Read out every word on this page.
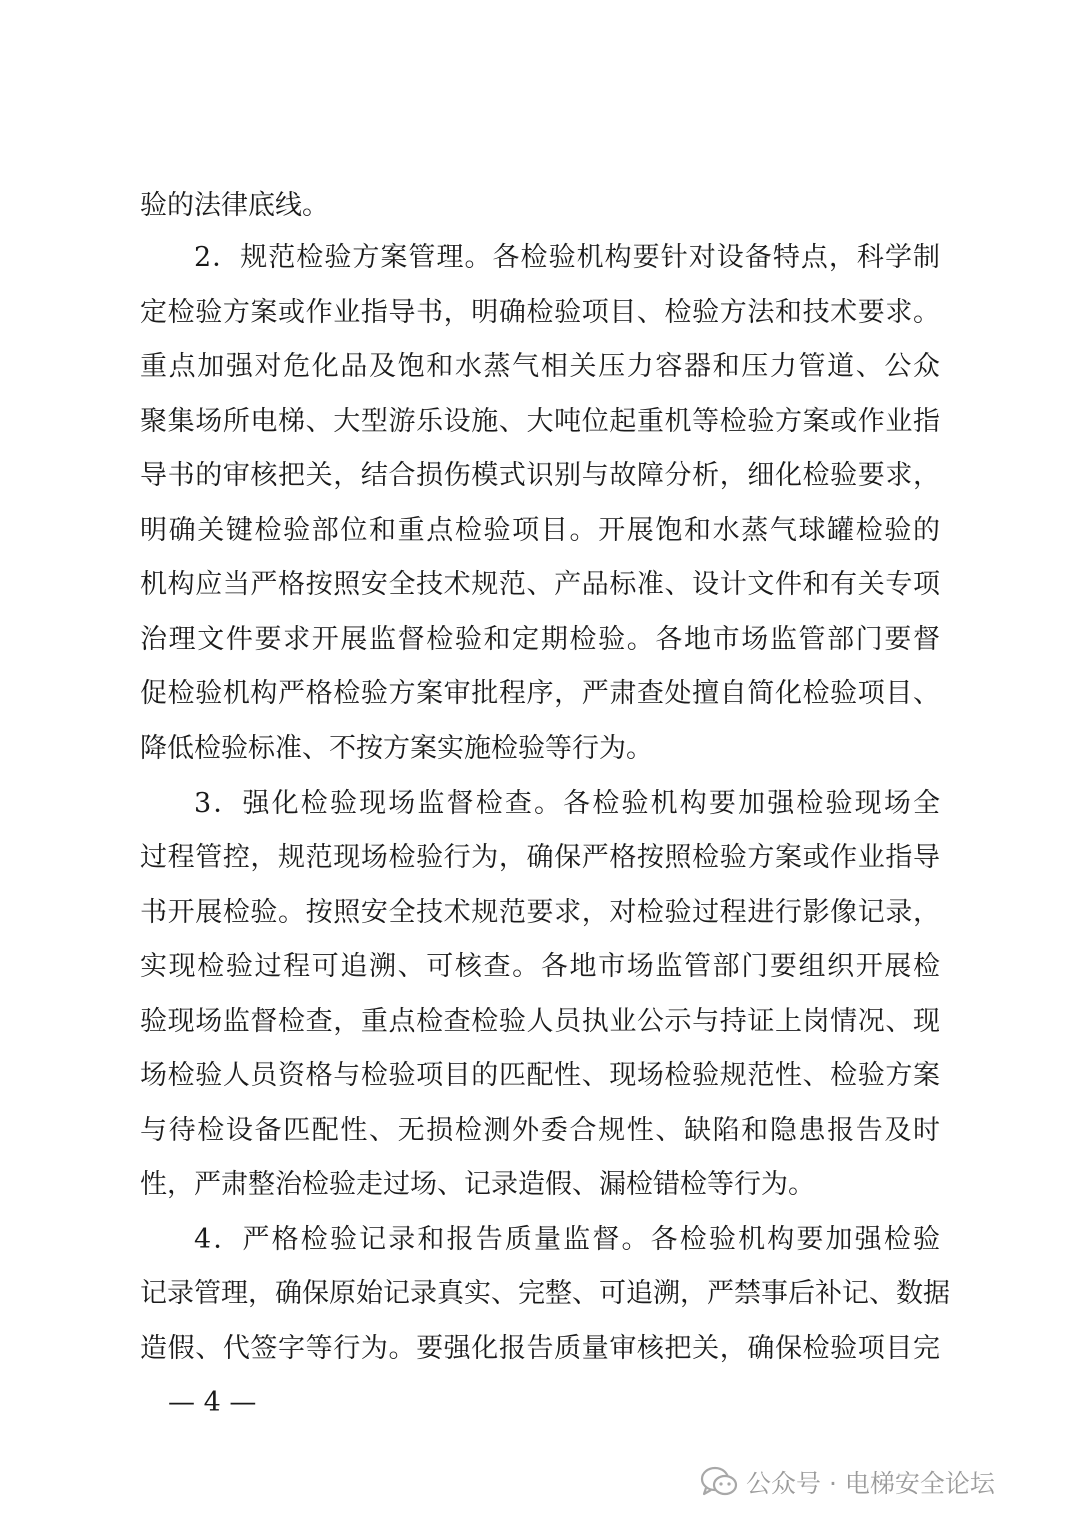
验的法律底线。
2．规范检验方案管理。各检验机构要针对设备特点，科学制
定检验方案或作业指导书，明确检验项目、检验方法和技术要求。
重点加强对危化品及饱和水蒸气相关压力容器和压力管道、公众
聚集场所电梯、大型游乐设施、大吨位起重机等检验方案或作业指
导书的审核把关，结合损伤模式识别与故障分析，细化检验要求，
明确关键检验部位和重点检验项目。开展饱和水蒸气球罐检验的
机构应当严格按照安全技术规范、产品标准、设计文件和有关专项
治理文件要求开展监督检验和定期检验。各地市场监管部门要督
促检验机构严格检验方案审批程序，严肃查处擅自简化检验项目、
降低检验标准、不按方案实施检验等行为。
3．强化检验现场监督检查。各检验机构要加强检验现场全
过程管控，规范现场检验行为，确保严格按照检验方案或作业指导
书开展检验。按照安全技术规范要求，对检验过程进行影像记录，
实现检验过程可追溯、可核查。各地市场监管部门要组织开展检
验现场监督检查，重点检查检验人员执业公示与持证上岗情况、现
场检验人员资格与检验项目的匹配性、现场检验规范性、检验方案
与待检设备匹配性、无损检测外委合规性、缺陷和隐患报告及时
性，严肃整治检验走过场、记录造假、漏检错检等行为。
4．严格检验记录和报告质量监督。各检验机构要加强检验
记录管理，确保原始记录真实、完整、可追溯，严禁事后补记、数据
造假、代签字等行为。要强化报告质量审核把关，确保检验项目完
— 4 —
公众号 · 电梯安全论坛
